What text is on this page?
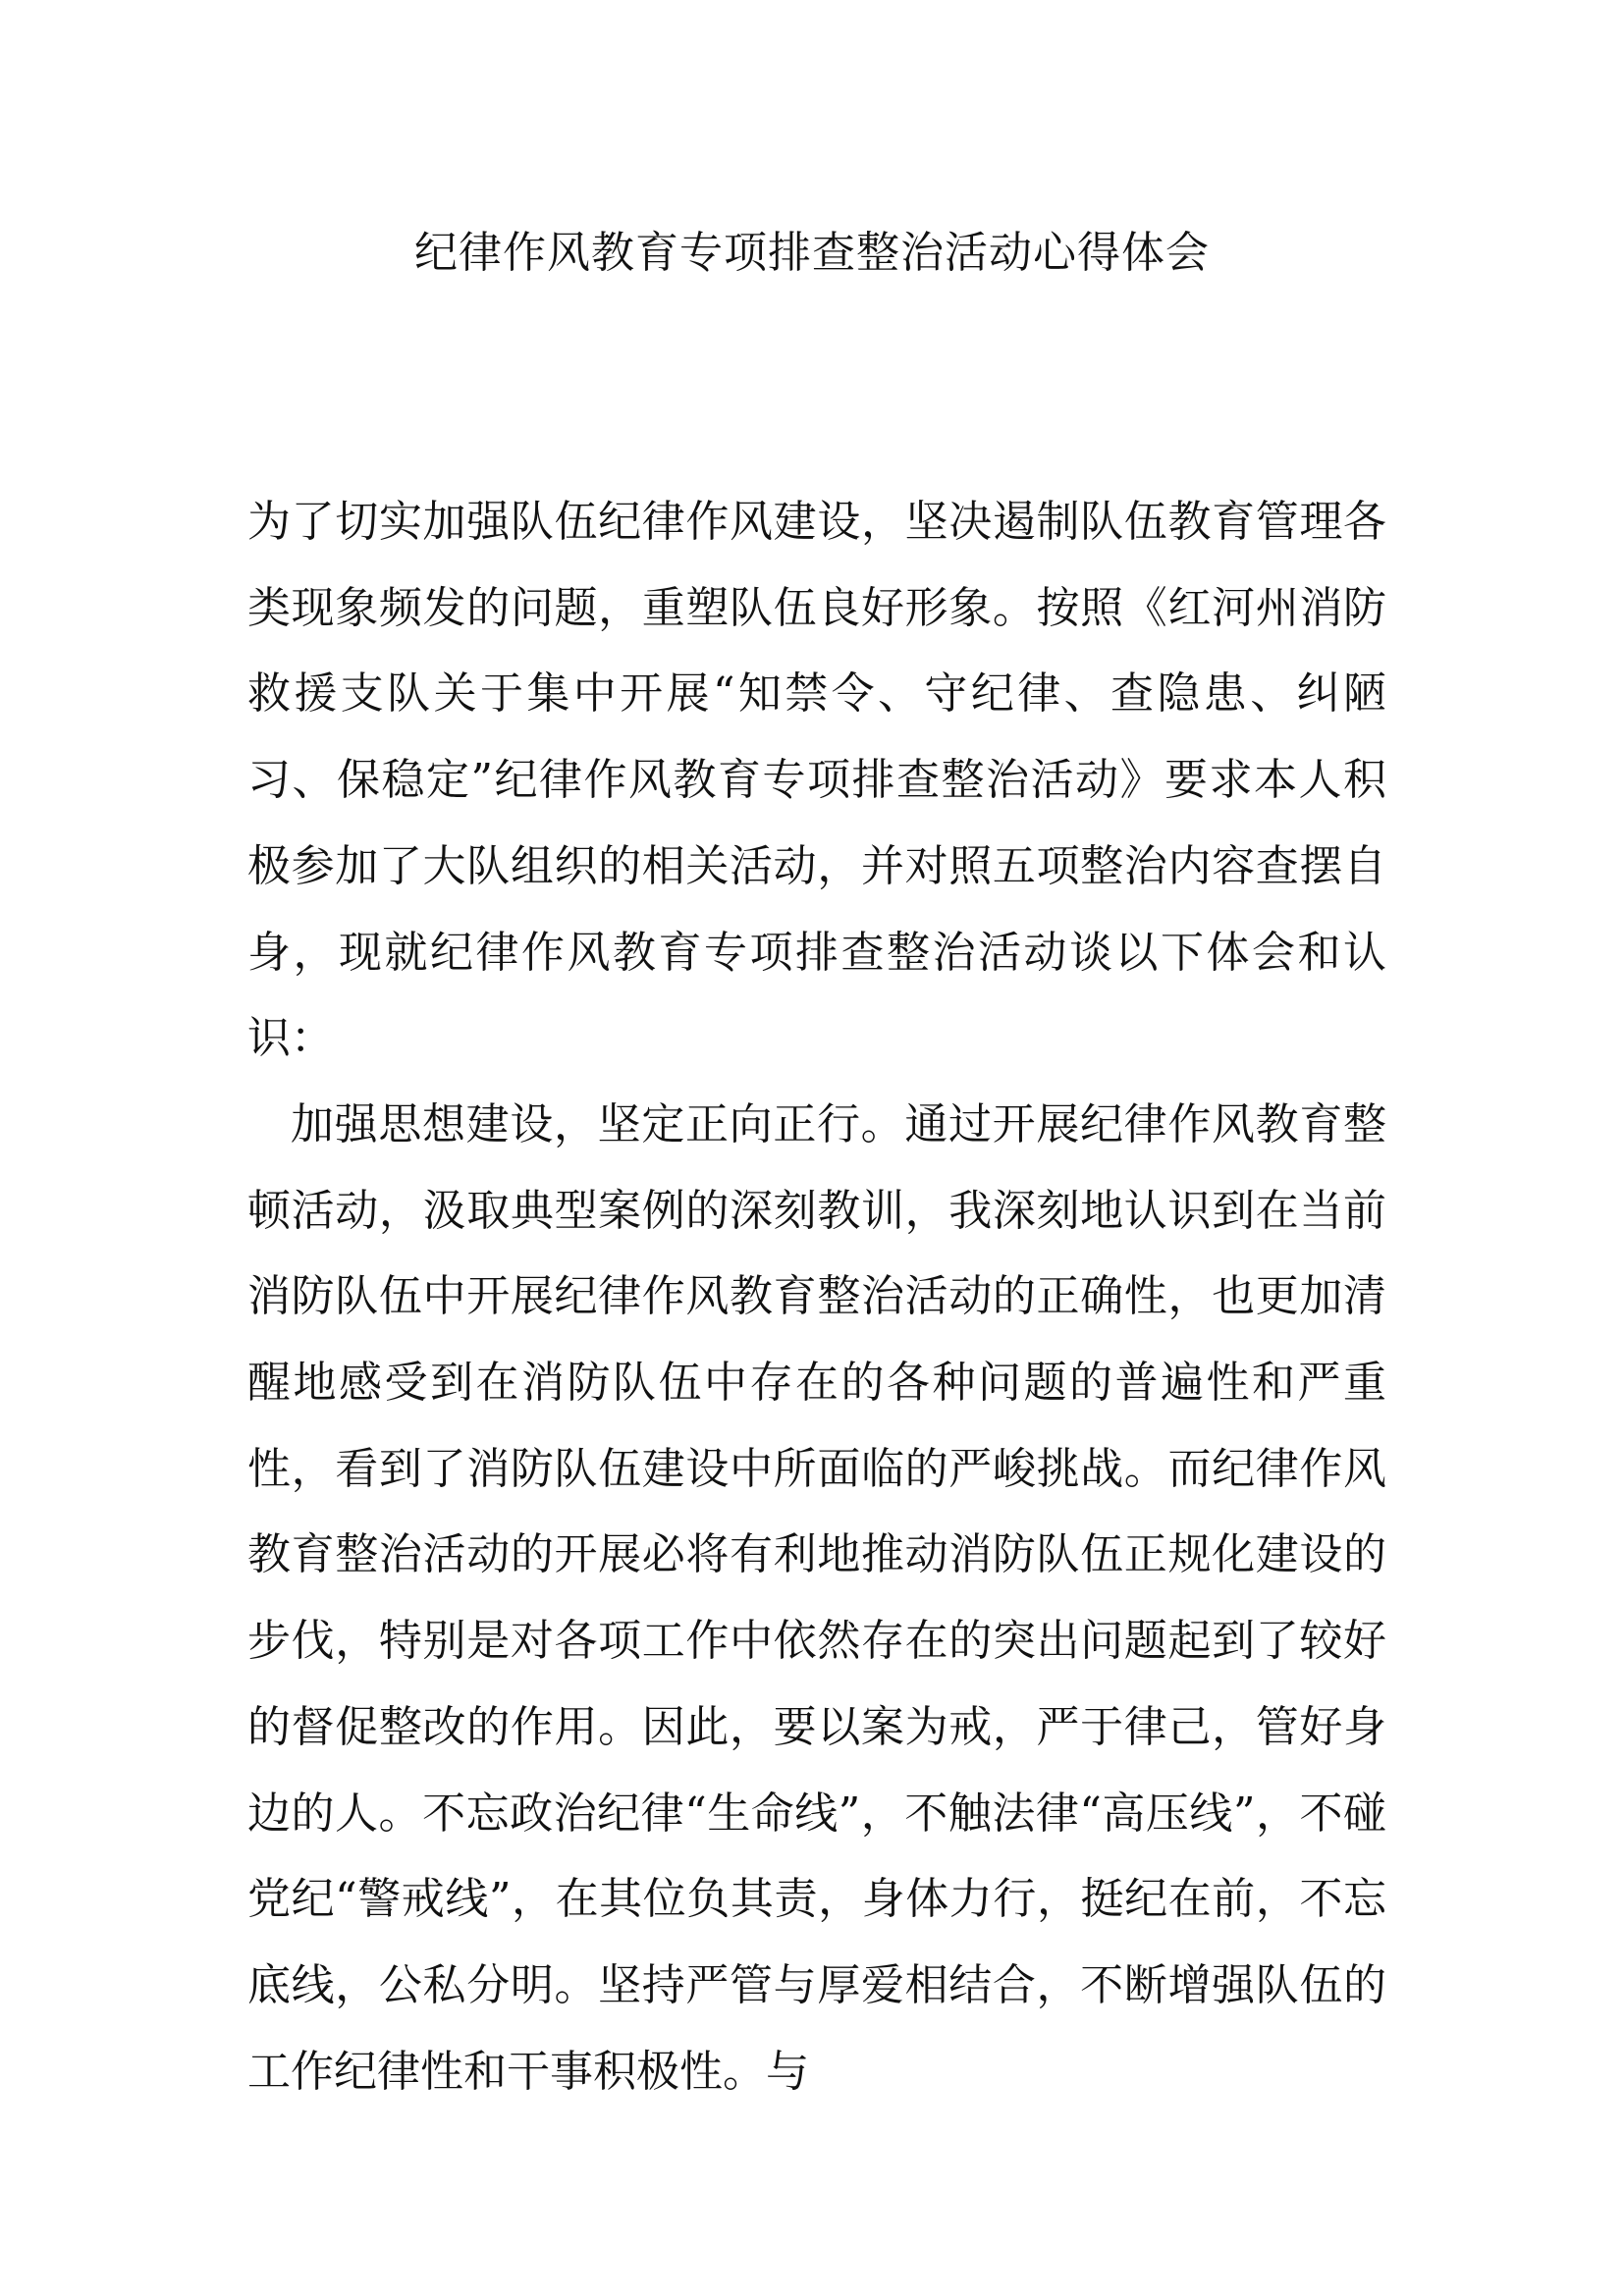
纪律作风教育专项排查整治活动心得体会

为了切实加强队伍纪律作风建设，坚决遏制队伍教育管理各类现象频发的问题，重塑队伍良好形象。按照《红河州消防救援支队关于集中开展“知禁令、守纪律、查隐患、纠陋习、保稳定”纪律作风教育专项排查整治活动》要求本人积极参加了大队组织的相关活动，并对照五项整治内容查摆自身，现就纪律作风教育专项排查整治活动谈以下体会和认识：

加强思想建设，坚定正向正行。通过开展纪律作风教育整顿活动，汲取典型案例的深刻教训，我深刻地认识到在当前消防队伍中开展纪律作风教育整治活动的正确性，也更加清醒地感受到在消防队伍中存在的各种问题的普遍性和严重性，看到了消防队伍建设中所面临的严峻挑战。而纪律作风教育整治活动的开展必将有利地推动消防队伍正规化建设的步伐，特别是对各项工作中依然存在的突出问题起到了较好的督促整改的作用。因此，要以案为戒，严于律己，管好身边的人。不忘政治纪律“生命线”，不触法律“高压线”，不碰党纪“警戒线”，在其位负其责，身体力行，挺纪在前，不忘底线，公私分明。坚持严管与厚爱相结合，不断增强队伍的工作纪律性和干事积极性。与
